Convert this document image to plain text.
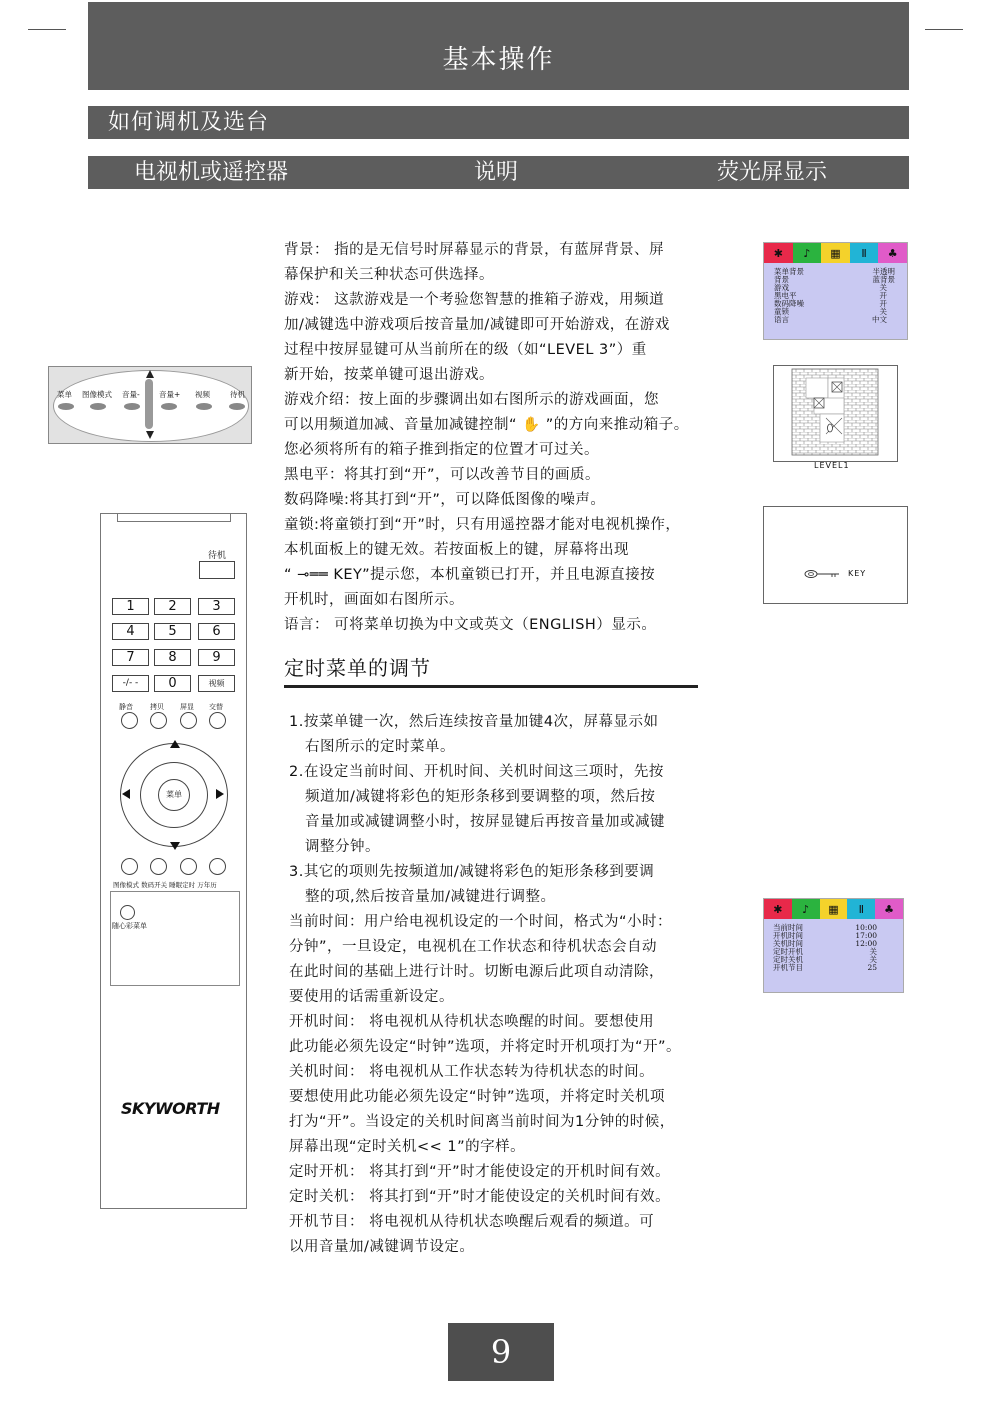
基本操作
如何调机及选台
电视机或遥控器	说明	荧光屏显示
菜单 图像模式 音量-	音量+ 视频	待机
待机
1	2	3
4	5	6
7	8	9
-/- -	0	视频
静音 拷贝 屏显 交替
菜单
图像模式 数码开关 睡眠定时 万年历
随心彩菜单
SKYWORTH

背景： 指的是无信号时屏幕显示的背景，有蓝屏背景、屏

幕保护和关三种状态可供选择。

游戏： 这款游戏是一个考验您智慧的推箱子游戏，用频道

加/减键选中游戏项后按音量加/减键即可开始游戏，在游戏

过程中按屏显键可从当前所在的级（如“LEVEL 3”）重

新开始，按菜单键可退出游戏。

游戏介绍：按上面的步骤调出如右图所示的游戏画面，您

可以用频道加减、音量加减键控制“ ✋ ”的方向来推动箱子。

您必须将所有的箱子推到指定的位置才可过关。

黑电平：将其打到“开”，可以改善节目的画质。

数码降噪:将其打到“开”，可以降低图像的噪声。

童锁:将童锁打到“开”时，只有用遥控器才能对电视机操作，

本机面板上的键无效。若按面板上的键，屏幕将出现

“ ⊸══ KEY”提示您，本机童锁已打开，并且电源直接按

开机时，画面如右图所示。

语言： 可将菜单切换为中文或英文（ENGLISH）显示。

定时菜单的调节

1.按菜单键一次，然后连续按音量加键4次，屏幕显示如

右图所示的定时菜单。

2.在设定当前时间、开机时间、关机时间这三项时，先按

频道加/减键将彩色的矩形条移到要调整的项，然后按

音量加或减键调整小时，按屏显键后再按音量加或减键

调整分钟。

3.其它的项则先按频道加/减键将彩色的矩形条移到要调

整的项,然后按音量加/减键进行调整。

当前时间：用户给电视机设定的一个时间，格式为“小时：

分钟”，一旦设定，电视机在工作状态和待机状态会自动

在此时间的基础上进行计时。切断电源后此项自动清除，

要使用的话需重新设定。

开机时间： 将电视机从待机状态唤醒的时间。要想使用

此功能必须先设定“时钟”选项，并将定时开机项打为“开”。

关机时间： 将电视机从工作状态转为待机状态的时间。

要想使用此功能必须先设定“时钟”选项，并将定时关机项

打为“开”。当设定的关机时间离当前时间为1分钟的时候，

屏幕出现“定时关机<< 1”的字样。

定时开机： 将其打到“开”时才能使设定的开机时间有效。

定时关机： 将其打到“开”时才能使设定的关机时间有效。

开机节目： 将电视机从待机状态唤醒后观看的频道。可

以用音量加/减键调节设定。

✱	♪	▦	Ⅱ	♣
菜单背景	半透明
背景	蓝背景
游戏	关
黑电平	开
数码降噪	开
童锁	关
语言	中文
LEVEL1
KEY
✱	♪	▦	Ⅱ	♣
当前时间	10:00
开机时间	17:00
关机时间	12:00
定时开机	关
定时关机	关
开机节目	25
9
